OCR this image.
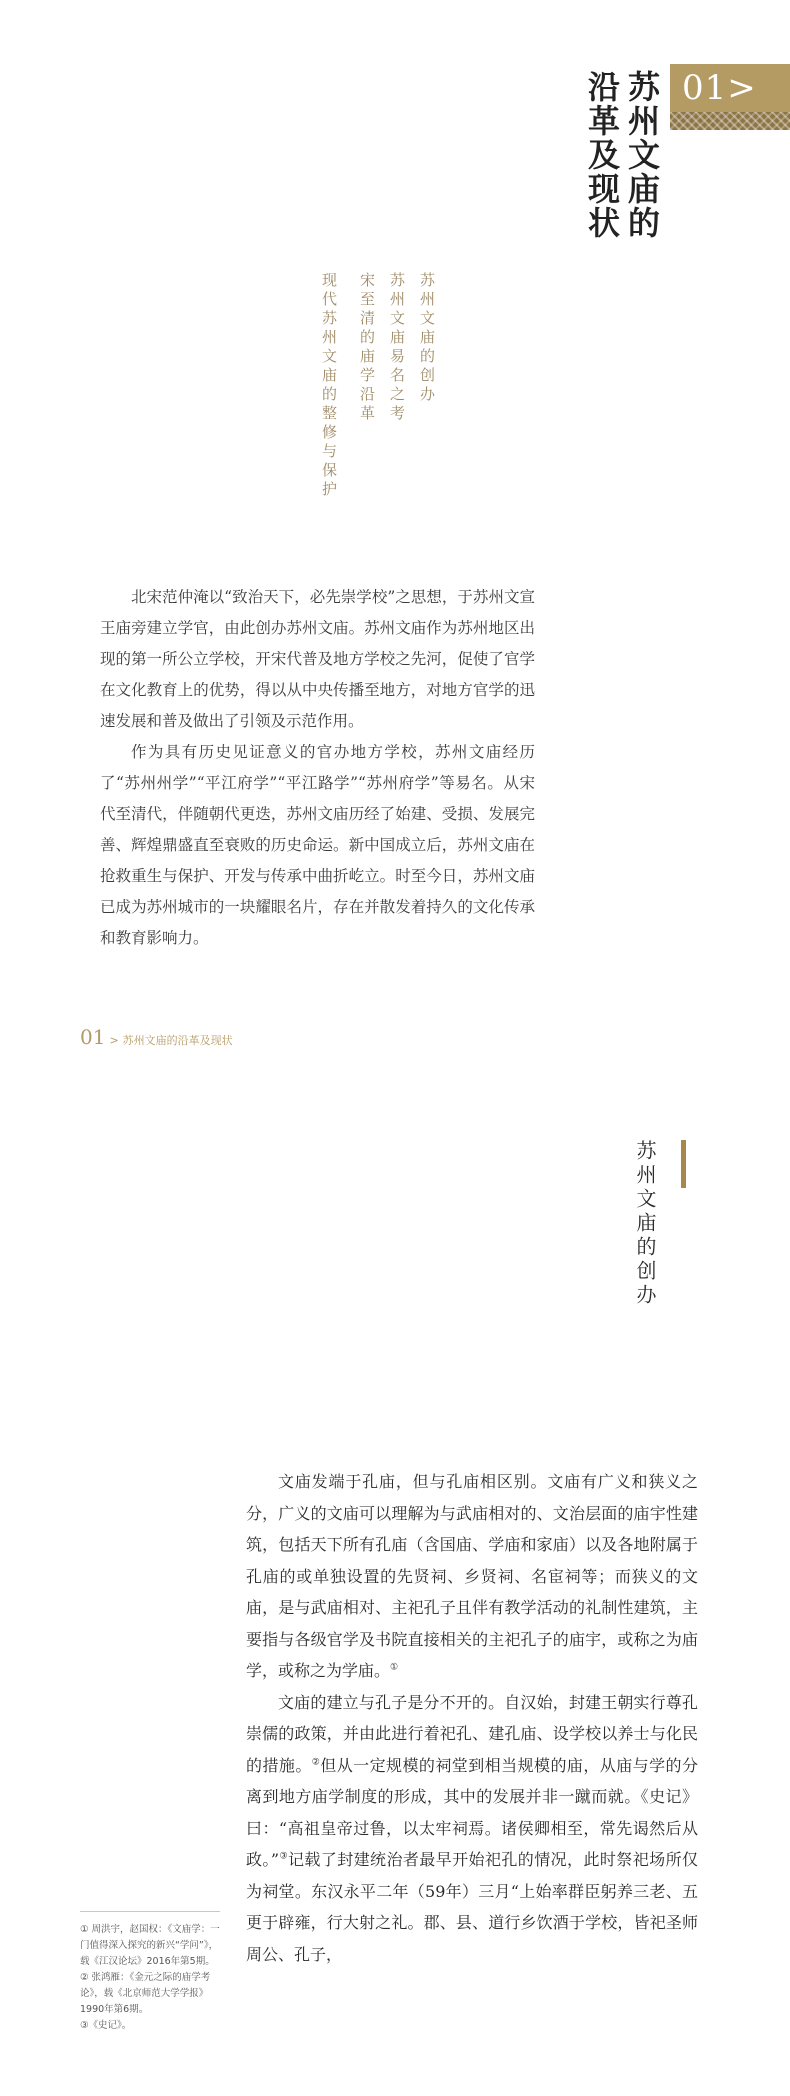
01>
苏州文庙的沿革及现状
苏州文庙的创办
苏州文庙易名之考
宋至清的庙学沿革
现代苏州文庙的整修与保护

北宋范仲淹以“致治天下，必先崇学校”之思想，于苏州文宣王庙旁建立学官，由此创办苏州文庙。苏州文庙作为苏州地区出现的第一所公立学校，开宋代普及地方学校之先河，促使了官学在文化教育上的优势，得以从中央传播至地方，对地方官学的迅速发展和普及做出了引领及示范作用。

作为具有历史见证意义的官办地方学校，苏州文庙经历了“苏州州学”“平江府学”“平江路学”“苏州府学”等易名。从宋代至清代，伴随朝代更迭，苏州文庙历经了始建、受损、发展完善、辉煌鼎盛直至衰败的历史命运。新中国成立后，苏州文庙在抢救重生与保护、开发与传承中曲折屹立。时至今日，苏州文庙已成为苏州城市的一块耀眼名片，存在并散发着持久的文化传承和教育影响力。

01 > 苏州文庙的沿革及现状
苏州文庙的创办

文庙发端于孔庙，但与孔庙相区别。文庙有广义和狭义之分，广义的文庙可以理解为与武庙相对的、文治层面的庙宇性建筑，包括天下所有孔庙（含国庙、学庙和家庙）以及各地附属于孔庙的或单独设置的先贤祠、乡贤祠、名宦祠等；而狭义的文庙，是与武庙相对、主祀孔子且伴有教学活动的礼制性建筑，主要指与各级官学及书院直接相关的主祀孔子的庙宇，或称之为庙学，或称之为学庙。①

文庙的建立与孔子是分不开的。自汉始，封建王朝实行尊孔崇儒的政策，并由此进行着祀孔、建孔庙、设学校以养士与化民的措施。②但从一定规模的祠堂到相当规模的庙，从庙与学的分离到地方庙学制度的形成，其中的发展并非一蹴而就。《史记》曰：“高祖皇帝过鲁，以太牢祠焉。诸侯卿相至，常先谒然后从政。”③记载了封建统治者最早开始祀孔的情况，此时祭祀场所仅为祠堂。东汉永平二年（59年）三月“上始率群臣躬养三老、五更于辟雍，行大射之礼。郡、县、道行乡饮酒于学校，皆祀圣师周公、孔子，

① 周洪宇，赵国权：《文庙学：一门值得深入探究的新兴“学问”》，载《江汉论坛》2016年第5期。

② 张鸿雁：《金元之际的庙学考论》，载《北京师范大学学报》1990年第6期。

③《史记》。
